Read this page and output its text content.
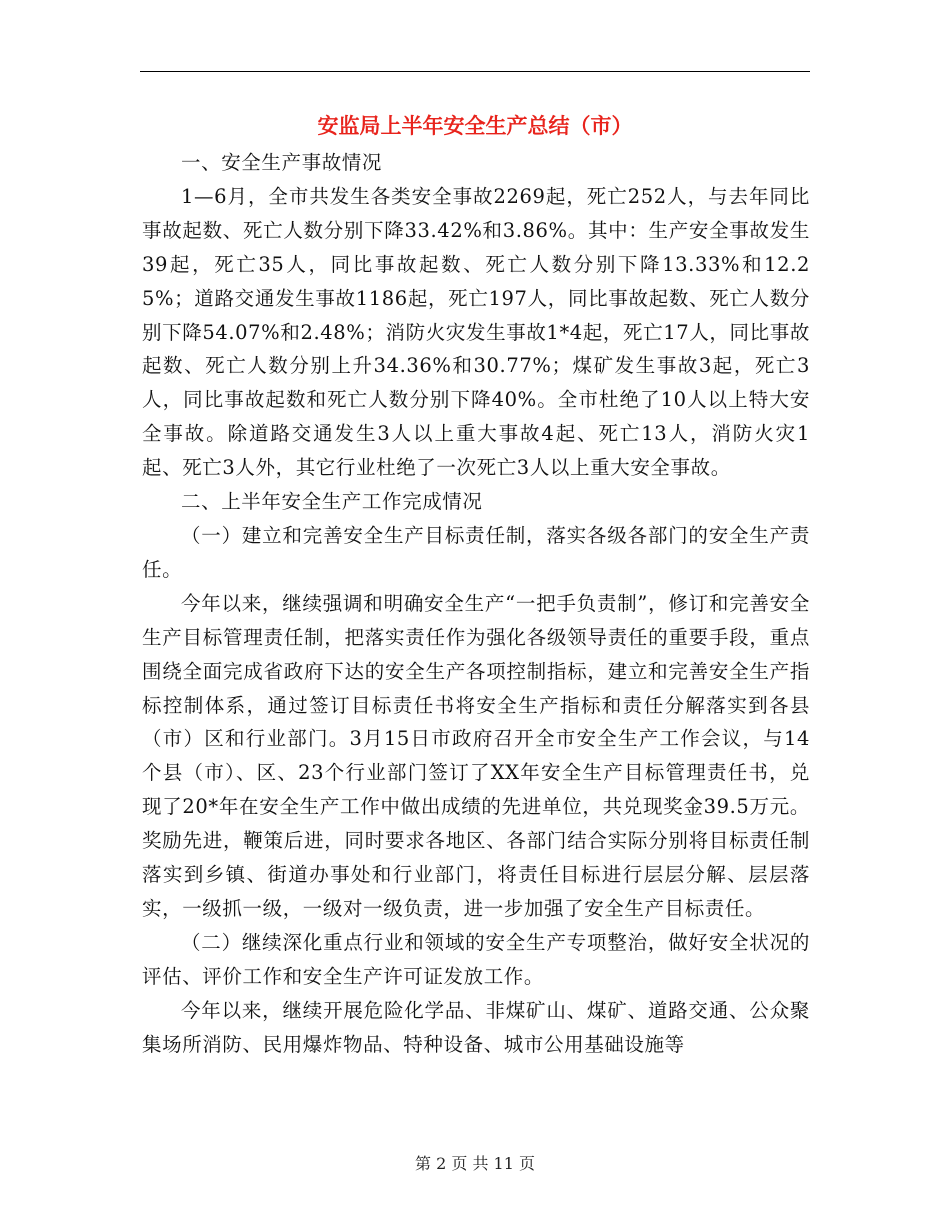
安监局上半年安全生产总结（市）

一、安全生产事故情况

1—6月，全市共发生各类安全事故2269起，死亡252人，与去年同比事故起数、死亡人数分别下降33.42%和3.86%。其中：生产安全事故发生39起，死亡35人，同比事故起数、死亡人数分别下降13.33%和12.25%；道路交通发生事故1186起，死亡197人，同比事故起数、死亡人数分别下降54.07%和2.48%；消防火灾发生事故1*4起，死亡17人，同比事故起数、死亡人数分别上升34.36%和30.77%；煤矿发生事故3起，死亡3人，同比事故起数和死亡人数分别下降40%。全市杜绝了10人以上特大安全事故。除道路交通发生3人以上重大事故4起、死亡13人，消防火灾1起、死亡3人外，其它行业杜绝了一次死亡3人以上重大安全事故。

二、上半年安全生产工作完成情况

（一）建立和完善安全生产目标责任制，落实各级各部门的安全生产责任。

今年以来，继续强调和明确安全生产“一把手负责制”，修订和完善安全生产目标管理责任制，把落实责任作为强化各级领导责任的重要手段，重点围绕全面完成省政府下达的安全生产各项控制指标，建立和完善安全生产指标控制体系，通过签订目标责任书将安全生产指标和责任分解落实到各县（市）区和行业部门。3月15日市政府召开全市安全生产工作会议，与14个县（市）、区、23个行业部门签订了XX年安全生产目标管理责任书，兑现了20*年在安全生产工作中做出成绩的先进单位，共兑现奖金39.5万元。奖励先进，鞭策后进，同时要求各地区、各部门结合实际分别将目标责任制落实到乡镇、街道办事处和行业部门，将责任目标进行层层分解、层层落实，一级抓一级，一级对一级负责，进一步加强了安全生产目标责任。

（二）继续深化重点行业和领域的安全生产专项整治，做好安全状况的评估、评价工作和安全生产许可证发放工作。

今年以来，继续开展危险化学品、非煤矿山、煤矿、道路交通、公众聚集场所消防、民用爆炸物品、特种设备、城市公用基础设施等

第 2 页 共 11 页
